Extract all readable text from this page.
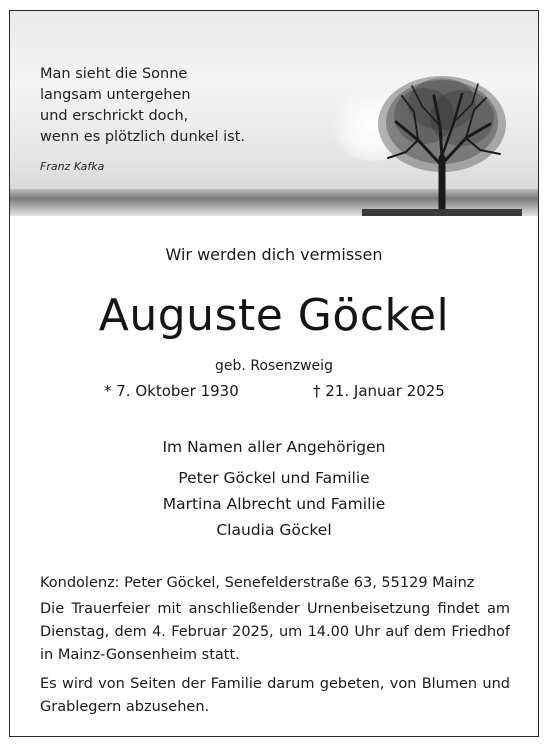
Man sieht die Sonne
langsam untergehen
und erschrickt doch,
wenn es plötzlich dunkel ist.
Franz Kafka
Wir werden dich vermissen
Auguste Göckel
geb. Rosenzweig
* 7. Oktober 1930	† 21. Januar 2025
Im Namen aller Angehörigen
Peter Göckel und Familie
Martina Albrecht und Familie
Claudia Göckel
Kondolenz: Peter Göckel, Senefelderstraße 63, 55129 Mainz
Die Trauerfeier mit anschließender Urnenbeisetzung findet am Dienstag, dem 4. Februar 2025, um 14.00 Uhr auf dem Friedhof in Mainz-Gonsenheim statt.
Es wird von Seiten der Familie darum gebeten, von Blumen und Grablegern abzusehen.
